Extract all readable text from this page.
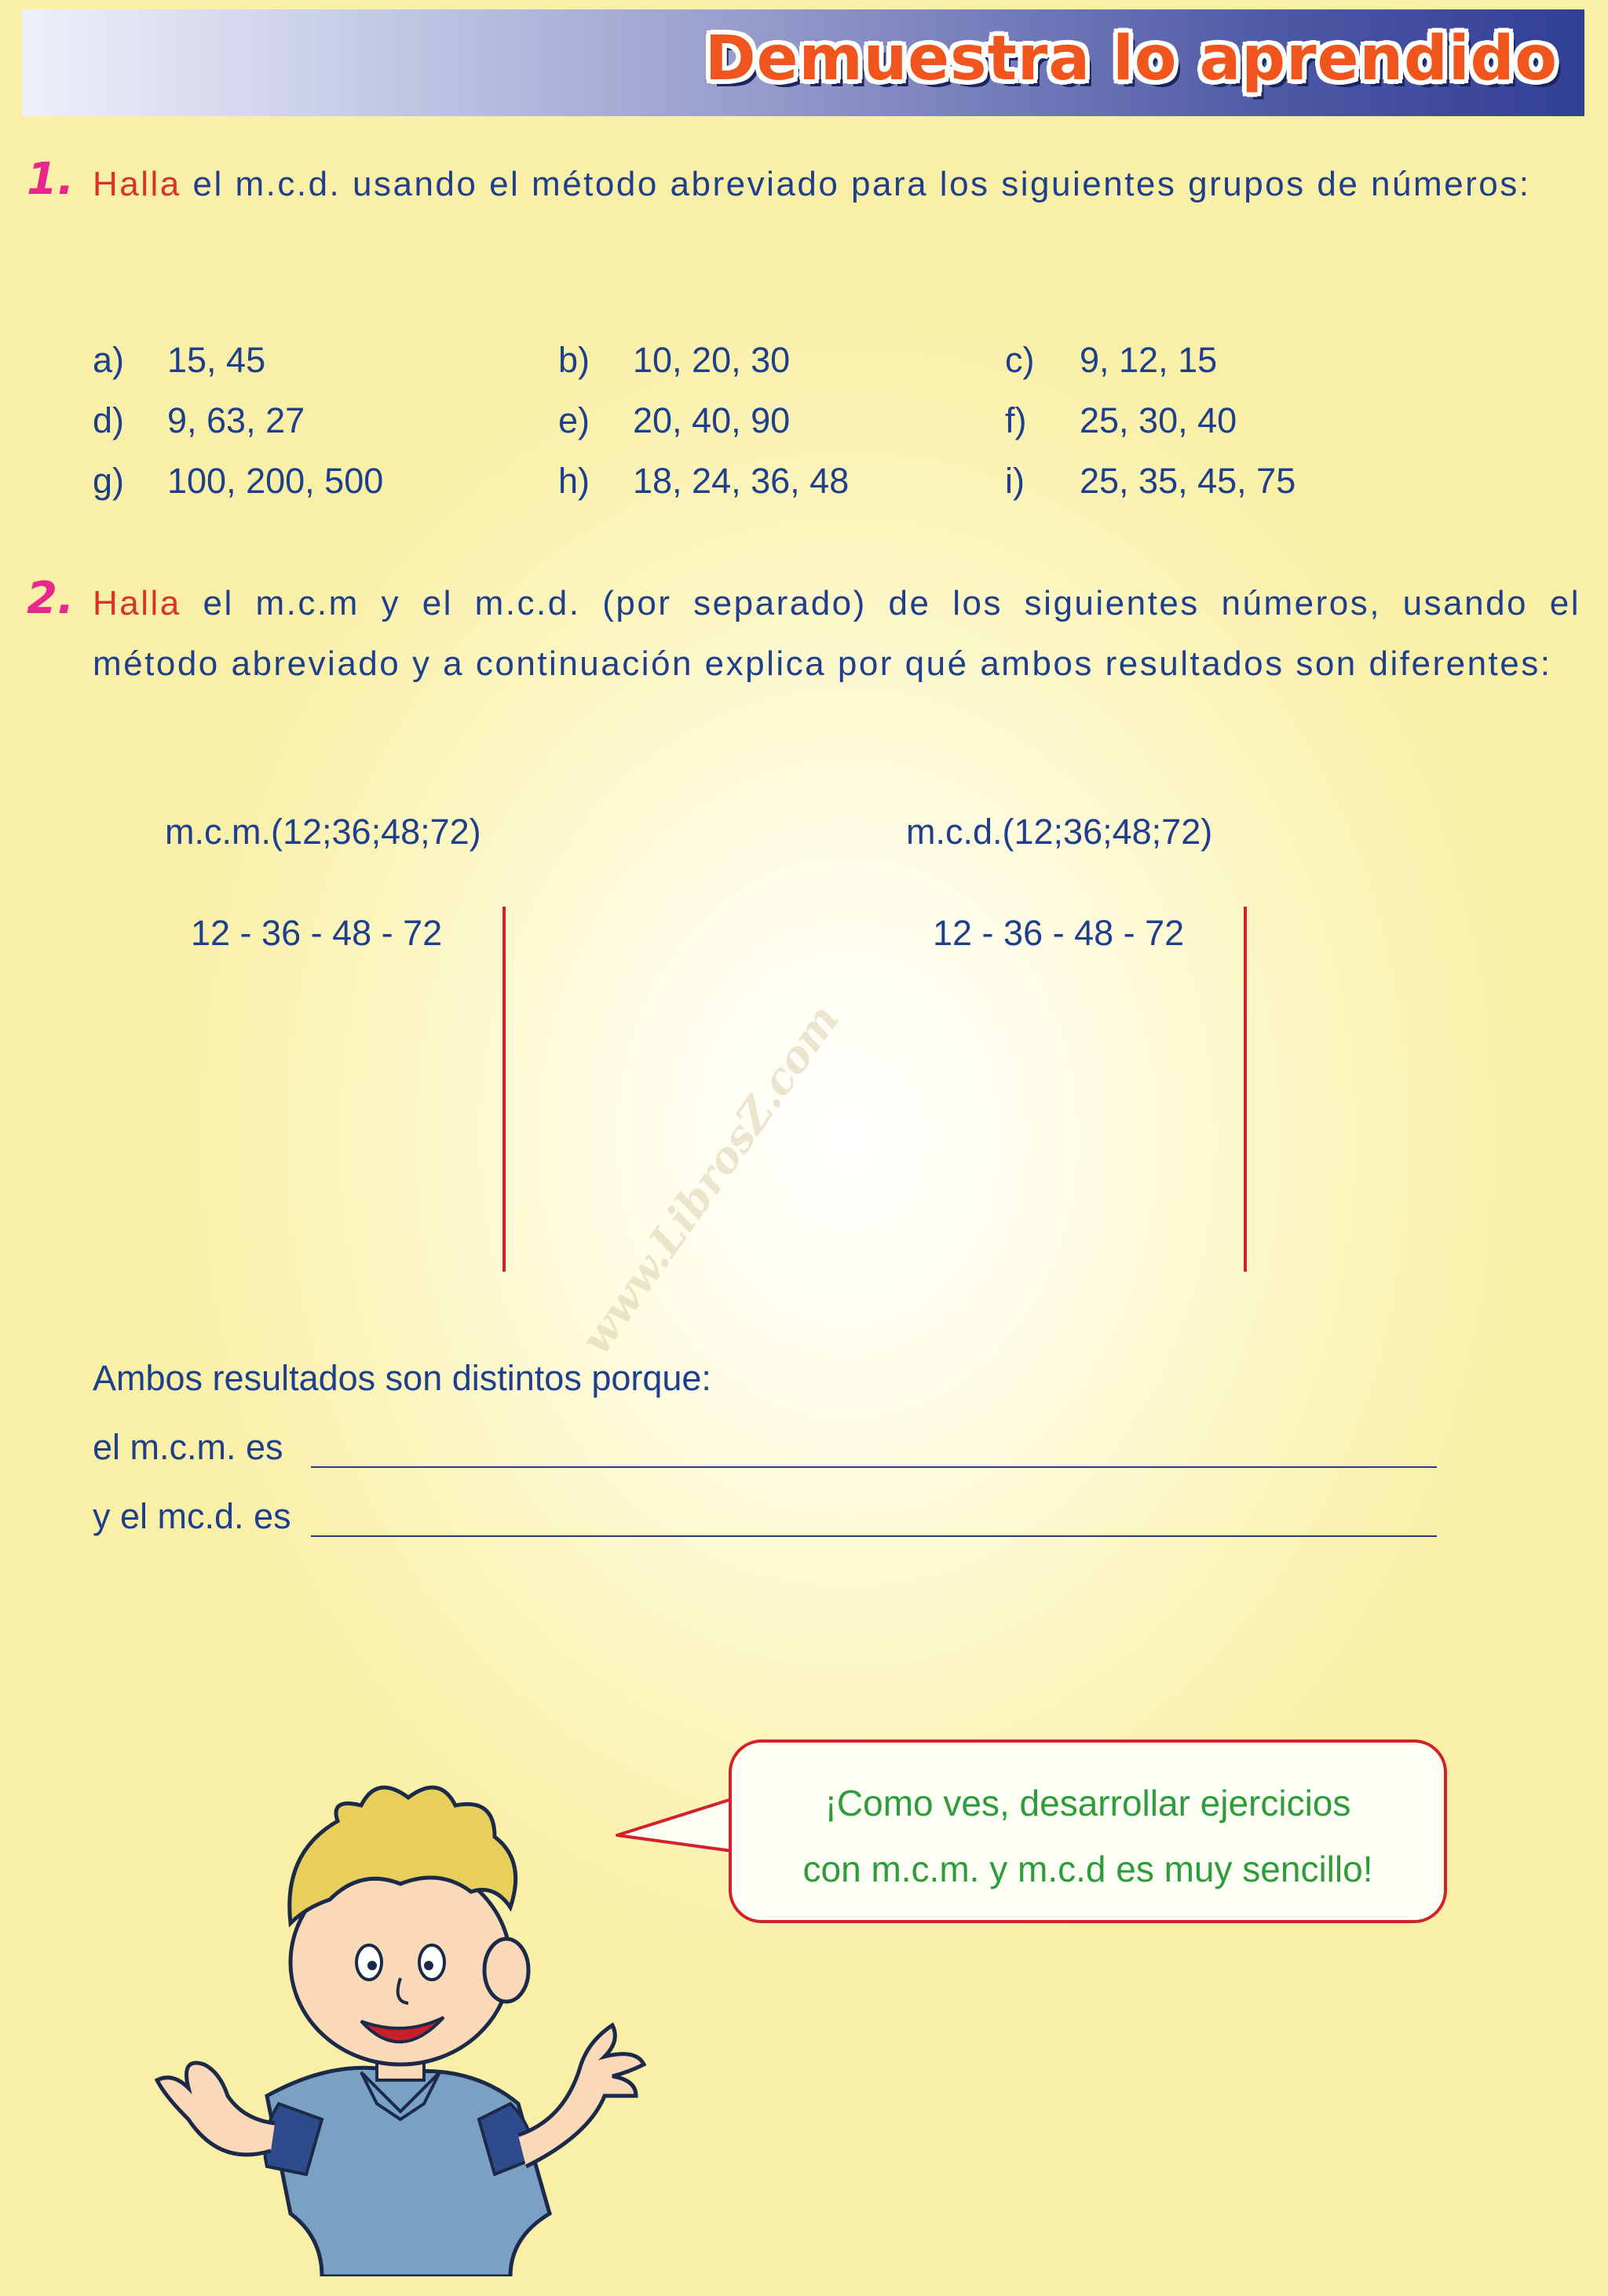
Demuestra lo aprendido
1. Halla el m.c.d. usando el método abreviado para los siguientes grupos de números:

a) 15, 45	b) 10, 20, 30	c) 9, 12, 15
d) 9, 63, 27	e) 20, 40, 90	f) 25, 30, 40
g) 100, 200, 500	h) 18, 24, 36, 48	i) 25, 35, 45, 75
2. Halla el m.c.m y el m.c.d. (por separado) de los siguientes números, usando el método abreviado y a continuación explica por qué ambos resultados son diferentes:

m.c.m.(12;36;48;72)
12 - 36 - 48 - 72
m.c.d.(12;36;48;72)
12 - 36 - 48 - 72
www.LibrosZ.com
Ambos resultados son distintos porque:
el m.c.m. es
y el mc.d. es
¡Como ves, desarrollar ejercicios
con m.c.m. y m.c.d es muy sencillo!
